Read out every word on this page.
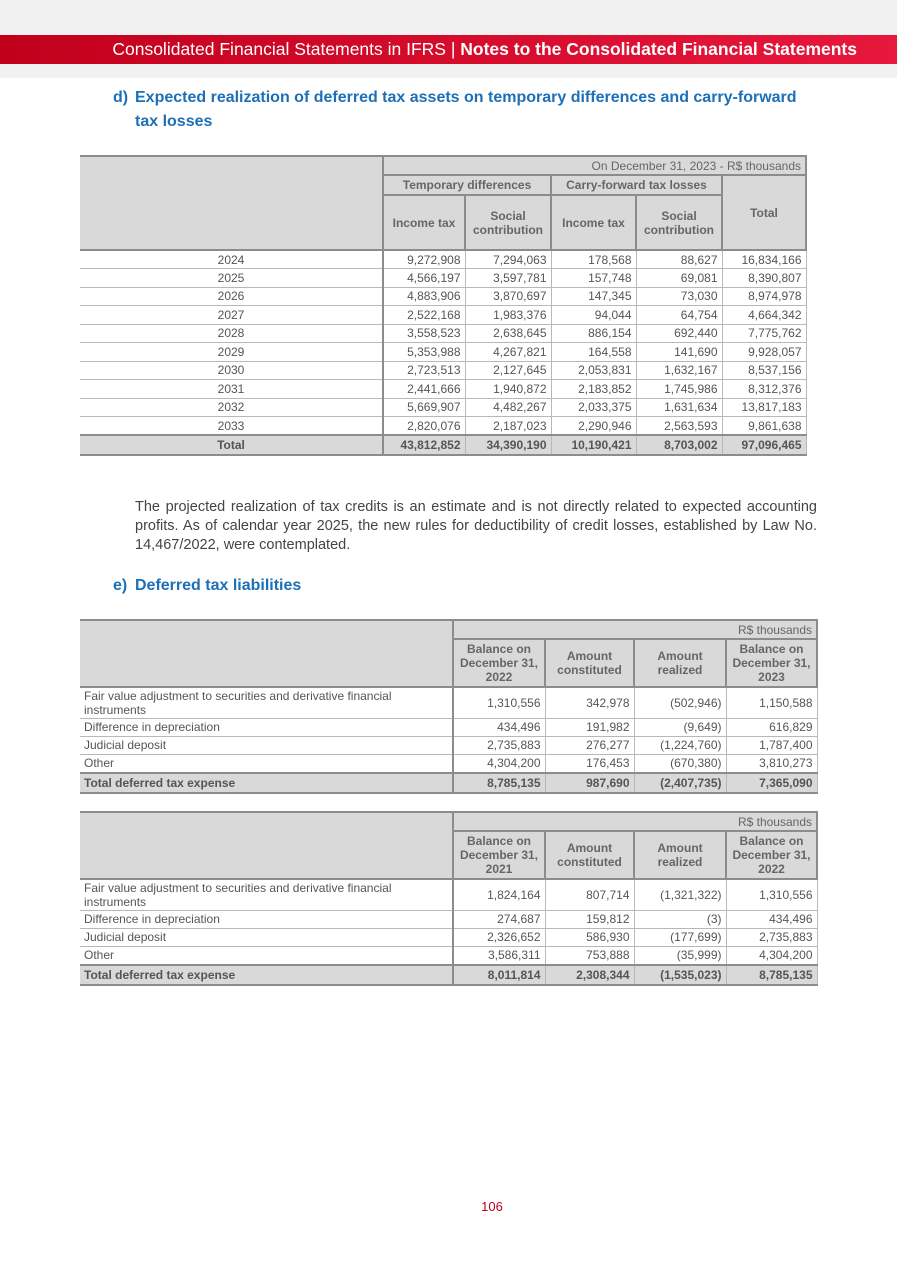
Consolidated Financial Statements in IFRS | Notes to the Consolidated Financial Statements
d) Expected realization of deferred tax assets on temporary differences and carry-forward tax losses
	On December 31, 2023 - R$ thousands				
	Temporary differences		Carry-forward tax losses		Total
	Income tax	Social contribution	Income tax	Social contribution	
2024	9,272,908	7,294,063	178,568	88,627	16,834,166
2025	4,566,197	3,597,781	157,748	69,081	8,390,807
2026	4,883,906	3,870,697	147,345	73,030	8,974,978
2027	2,522,168	1,983,376	94,044	64,754	4,664,342
2028	3,558,523	2,638,645	886,154	692,440	7,775,762
2029	5,353,988	4,267,821	164,558	141,690	9,928,057
2030	2,723,513	2,127,645	2,053,831	1,632,167	8,537,156
2031	2,441,666	1,940,872	2,183,852	1,745,986	8,312,376
2032	5,669,907	4,482,267	2,033,375	1,631,634	13,817,183
2033	2,820,076	2,187,023	2,290,946	2,563,593	9,861,638
Total	43,812,852	34,390,190	10,190,421	8,703,002	97,096,465
The projected realization of tax credits is an estimate and is not directly related to expected accounting profits. As of calendar year 2025, the new rules for deductibility of credit losses, established by Law No. 14,467/2022, were contemplated.
e) Deferred tax liabilities
	R$ thousands			
	Balance on December 31, 2022	Amount constituted	Amount realized	Balance on December 31, 2023
Fair value adjustment to securities and derivative financial instruments	1,310,556	342,978	(502,946)	1,150,588
Difference in depreciation	434,496	191,982	(9,649)	616,829
Judicial deposit	2,735,883	276,277	(1,224,760)	1,787,400
Other	4,304,200	176,453	(670,380)	3,810,273
Total deferred tax expense	8,785,135	987,690	(2,407,735)	7,365,090
	R$ thousands			
	Balance on December 31, 2021	Amount constituted	Amount realized	Balance on December 31, 2022
Fair value adjustment to securities and derivative financial instruments	1,824,164	807,714	(1,321,322)	1,310,556
Difference in depreciation	274,687	159,812	(3)	434,496
Judicial deposit	2,326,652	586,930	(177,699)	2,735,883
Other	3,586,311	753,888	(35,999)	4,304,200
Total deferred tax expense	8,011,814	2,308,344	(1,535,023)	8,785,135
106
